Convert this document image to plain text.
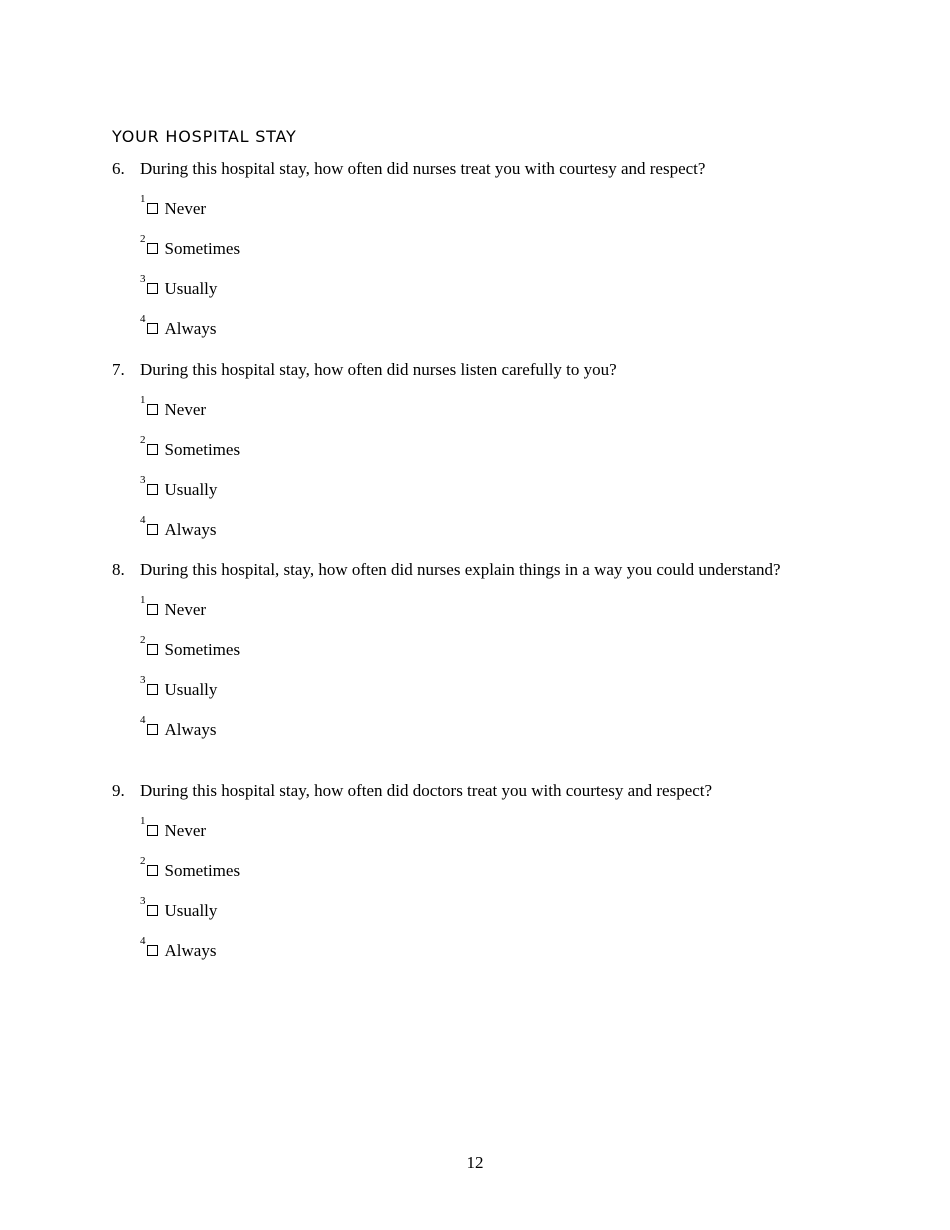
YOUR HOSPITAL STAY
6. During this hospital stay, how often did nurses treat you with courtesy and respect?
1 Never
2 Sometimes
3 Usually
4 Always
7. During this hospital stay, how often did nurses listen carefully to you?
1 Never
2 Sometimes
3 Usually
4 Always
8. During this hospital, stay, how often did nurses explain things in a way you could understand?
1 Never
2 Sometimes
3 Usually
4 Always
9. During this hospital stay, how often did doctors treat you with courtesy and respect?
1 Never
2 Sometimes
3 Usually
4 Always
12
